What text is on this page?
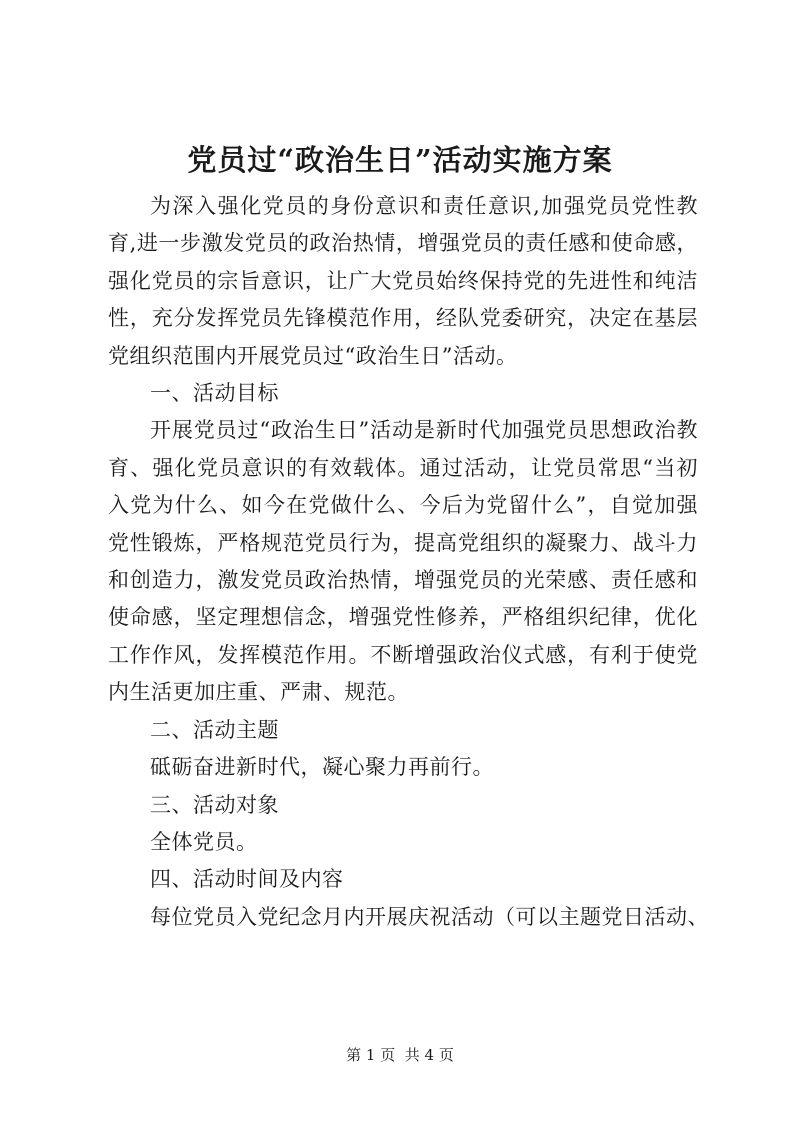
党员过“政治生日”活动实施方案

为深入强化党员的身份意识和责任意识,加强党员党性教育,进一步激发党员的政治热情，增强党员的责任感和使命感，强化党员的宗旨意识，让广大党员始终保持党的先进性和纯洁性，充分发挥党员先锋模范作用，经队党委研究，决定在基层党组织范围内开展党员过“政治生日”活动。

一、活动目标

开展党员过“政治生日”活动是新时代加强党员思想政治教育、强化党员意识的有效载体。通过活动，让党员常思“当初入党为什么、如今在党做什么、今后为党留什么”，自觉加强党性锻炼，严格规范党员行为，提高党组织的凝聚力、战斗力和创造力，激发党员政治热情，增强党员的光荣感、责任感和使命感，坚定理想信念，增强党性修养，严格组织纪律，优化工作作风，发挥模范作用。不断增强政治仪式感，有利于使党内生活更加庄重、严肃、规范。

二、活动主题

砥砺奋进新时代，凝心聚力再前行。

三、活动对象

全体党员。

四、活动时间及内容

每位党员入党纪念月内开展庆祝活动（可以主题党日活动、

第 1 页  共 4 页
